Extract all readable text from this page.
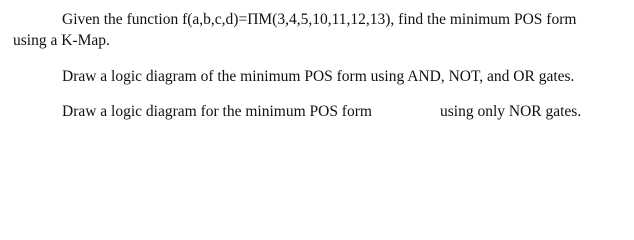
Given the function f(a,b,c,d)=ΠM(3,4,5,10,11,12,13), find the minimum POS form
using a K-Map.
Draw a logic diagram of the minimum POS form using AND, NOT, and OR gates.
Draw a logic diagram for the minimum POS form	using only NOR gates.
